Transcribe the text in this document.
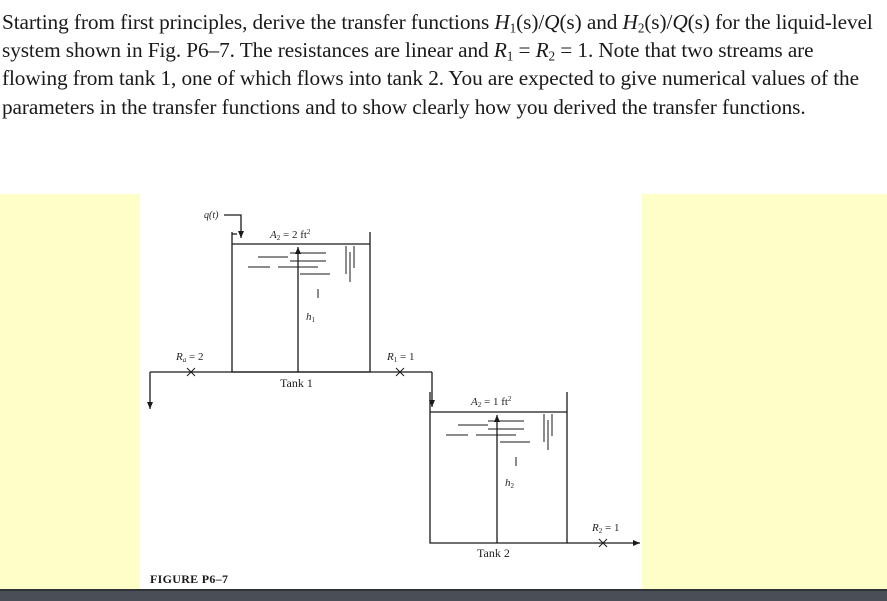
Starting from first principles, derive the transfer functions $H_1(s)/Q(s)$ and $H_2(s)/Q(s)$ for the liquid-level system shown in Fig. P6–7. The resistances are linear and $R_1 = R_2 = 1$. Note that two streams are flowing from tank 1, one of which flows into tank 2. You are expected to give numerical values of the parameters in the transfer functions and to show clearly how you derived the transfer functions.

q(t)
A2 = 2 $ft^2$
h1
Tank 1
Ra = 2	R1 = 1
A2 = 1 $ft^2$
h2
Tank 2
R2 = 1
FIGURE P6–7
